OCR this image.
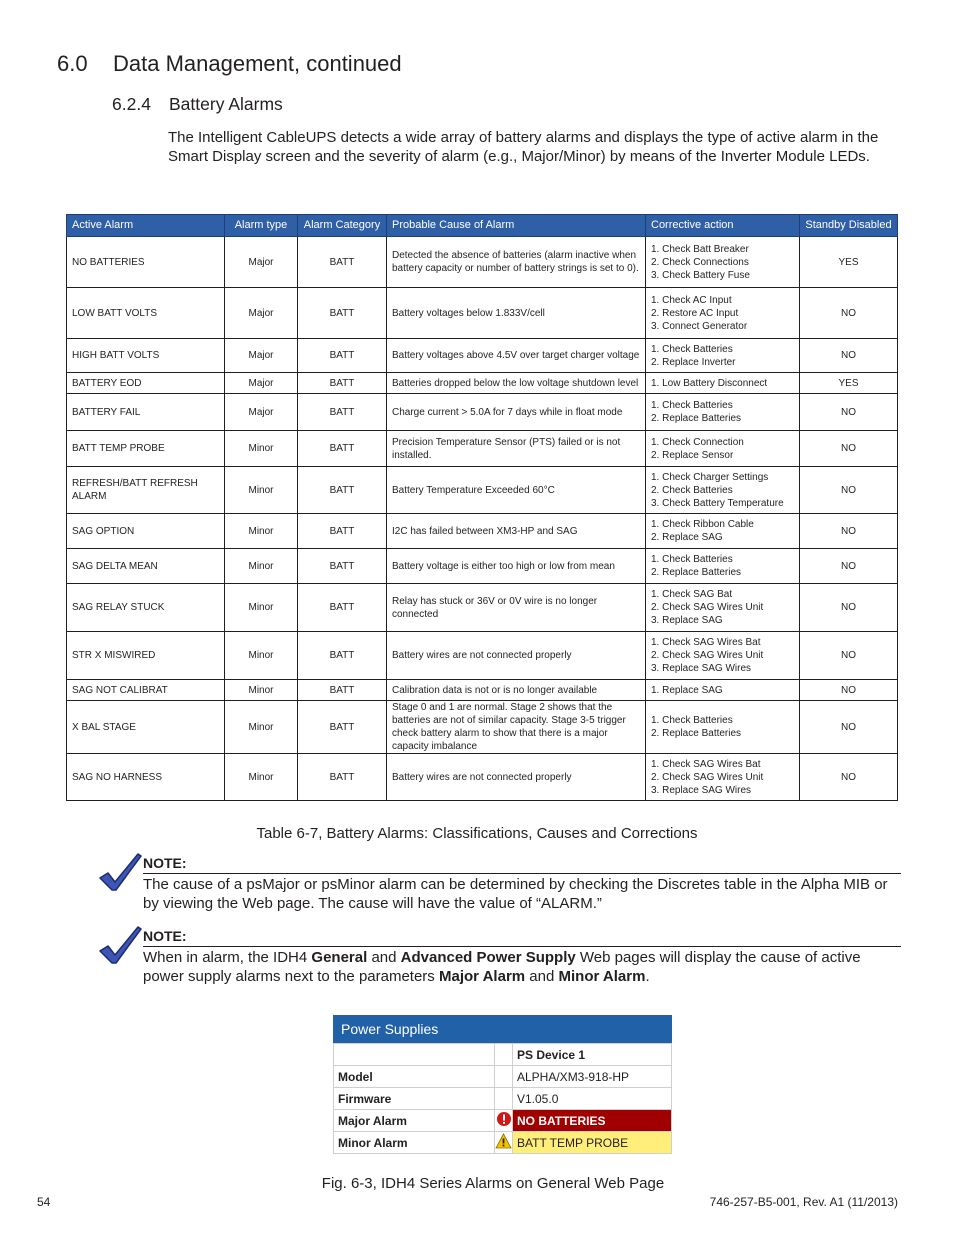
6.0 Data Management, continued
6.2.4 Battery Alarms
The Intelligent CableUPS detects a wide array of battery alarms and displays the type of active alarm in the Smart Display screen and the severity of alarm (e.g., Major/Minor) by means of the Inverter Module LEDs.
Active Alarm	Alarm type	Alarm Category	Probable Cause of Alarm	Corrective action	Standby Disabled
NO BATTERIES	Major	BATT	Detected the absence of batteries (alarm inactive when battery capacity or number of battery strings is set to 0).	1. Check Batt Breaker
2. Check Connections
3. Check Battery Fuse	YES
LOW BATT VOLTS	Major	BATT	Battery voltages below 1.833V/cell	1. Check AC Input
2. Restore AC Input
3. Connect Generator	NO
HIGH BATT VOLTS	Major	BATT	Battery voltages above 4.5V over target charger voltage	1. Check Batteries
2. Replace Inverter	NO
BATTERY EOD	Major	BATT	Batteries dropped below the low voltage shutdown level	1. Low Battery Disconnect	YES
BATTERY FAIL	Major	BATT	Charge current > 5.0A for 7 days while in float mode	1. Check Batteries
2. Replace Batteries	NO
BATT TEMP PROBE	Minor	BATT	Precision Temperature Sensor (PTS) failed or is not installed.	1. Check Connection
2. Replace Sensor	NO
REFRESH/BATT REFRESH ALARM	Minor	BATT	Battery Temperature Exceeded 60°C	1. Check Charger Settings
2. Check Batteries
3. Check Battery Temperature	NO
SAG OPTION	Minor	BATT	I2C has failed between XM3-HP and SAG	1. Check Ribbon Cable
2. Replace SAG	NO
SAG DELTA MEAN	Minor	BATT	Battery voltage is either too high or low from mean	1. Check Batteries
2. Replace Batteries	NO
SAG RELAY STUCK	Minor	BATT	Relay has stuck or 36V or 0V wire is no longer connected	1. Check SAG Bat
2. Check SAG Wires Unit
3. Replace SAG	NO
STR X MISWIRED	Minor	BATT	Battery wires are not connected properly	1. Check SAG Wires Bat
2. Check SAG Wires Unit
3. Replace SAG Wires	NO
SAG NOT CALIBRAT	Minor	BATT	Calibration data is not or is no longer available	1. Replace SAG	NO
X BAL STAGE	Minor	BATT	Stage 0 and 1 are normal. Stage 2 shows that the batteries are not of similar capacity. Stage 3-5 trigger check battery alarm to show that there is a major capacity imbalance	1. Check Batteries
2. Replace Batteries	NO
SAG NO HARNESS	Minor	BATT	Battery wires are not connected properly	1. Check SAG Wires Bat
2. Check SAG Wires Unit
3. Replace SAG Wires	NO
Table 6-7, Battery Alarms: Classifications, Causes and Corrections
NOTE:
The cause of a psMajor or psMinor alarm can be determined by checking the Discretes table in the Alpha MIB or by viewing the Web page. The cause will have the value of “ALARM.”
NOTE:
When in alarm, the IDH4 General and Advanced Power Supply Web pages will display the cause of active power supply alarms next to the parameters Major Alarm and Minor Alarm.
Power Supplies
		PS Device 1
Model		ALPHA/XM3-918-HP
Firmware		V1.05.0
Major Alarm		NO BATTERIES
Minor Alarm		BATT TEMP PROBE
Fig. 6-3, IDH4 Series Alarms on General Web Page
54	746-257-B5-001, Rev. A1 (11/2013)
